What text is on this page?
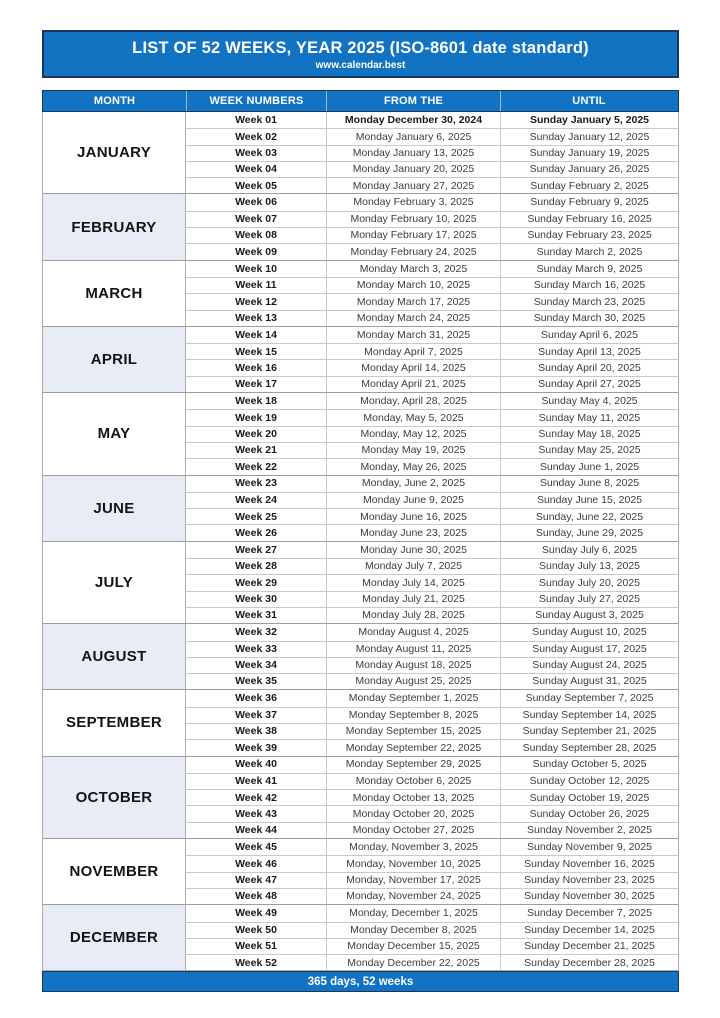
LIST OF 52 WEEKS, YEAR 2025 (ISO-8601 date standard)
www.calendar.best
MONTH	WEEK NUMBERS	FROM THE	UNTIL
JANUARY
Week 01	Monday December 30, 2024	Sunday January 5, 2025
Week 02	Monday January 6, 2025	Sunday January 12, 2025
Week 03	Monday January 13, 2025	Sunday January 19, 2025
Week 04	Monday January 20, 2025	Sunday January 26, 2025
Week 05	Monday January 27, 2025	Sunday February 2, 2025
FEBRUARY
Week 06	Monday February 3, 2025	Sunday February 9, 2025
Week 07	Monday February 10, 2025	Sunday February 16, 2025
Week 08	Monday February 17, 2025	Sunday February 23, 2025
Week 09	Monday February 24, 2025	Sunday March 2, 2025
MARCH
Week 10	Monday March 3, 2025	Sunday March 9, 2025
Week 11	Monday March 10, 2025	Sunday March 16, 2025
Week 12	Monday March 17, 2025	Sunday March 23, 2025
Week 13	Monday March 24, 2025	Sunday March 30, 2025
APRIL
Week 14	Monday March 31, 2025	Sunday April 6, 2025
Week 15	Monday April 7, 2025	Sunday April 13, 2025
Week 16	Monday April 14, 2025	Sunday April 20, 2025
Week 17	Monday April 21, 2025	Sunday April 27, 2025
MAY
Week 18	Monday, April 28, 2025	Sunday May 4, 2025
Week 19	Monday, May 5, 2025	Sunday May 11, 2025
Week 20	Monday, May 12, 2025	Sunday May 18, 2025
Week 21	Monday May 19, 2025	Sunday May 25, 2025
Week 22	Monday, May 26, 2025	Sunday June 1, 2025
JUNE
Week 23	Monday, June 2, 2025	Sunday June 8, 2025
Week 24	Monday June 9, 2025	Sunday June 15, 2025
Week 25	Monday June 16, 2025	Sunday, June 22, 2025
Week 26	Monday June 23, 2025	Sunday, June 29, 2025
JULY
Week 27	Monday June 30, 2025	Sunday July 6, 2025
Week 28	Monday July 7, 2025	Sunday July 13, 2025
Week 29	Monday July 14, 2025	Sunday July 20, 2025
Week 30	Monday July 21, 2025	Sunday July 27, 2025
Week 31	Monday July 28, 2025	Sunday August 3, 2025
AUGUST
Week 32	Monday August 4, 2025	Sunday August 10, 2025
Week 33	Monday August 11, 2025	Sunday August 17, 2025
Week 34	Monday August 18, 2025	Sunday August 24, 2025
Week 35	Monday August 25, 2025	Sunday August 31, 2025
SEPTEMBER
Week 36	Monday September 1, 2025	Sunday September 7, 2025
Week 37	Monday September 8, 2025	Sunday September 14, 2025
Week 38	Monday September 15, 2025	Sunday September 21, 2025
Week 39	Monday September 22, 2025	Sunday September 28, 2025
OCTOBER
Week 40	Monday September 29, 2025	Sunday October 5, 2025
Week 41	Monday October 6, 2025	Sunday October 12, 2025
Week 42	Monday October 13, 2025	Sunday October 19, 2025
Week 43	Monday October 20, 2025	Sunday October 26, 2025
Week 44	Monday October 27, 2025	Sunday November 2, 2025
NOVEMBER
Week 45	Monday, November 3, 2025	Sunday November 9, 2025
Week 46	Monday, November 10, 2025	Sunday November 16, 2025
Week 47	Monday, November 17, 2025	Sunday November 23, 2025
Week 48	Monday, November 24, 2025	Sunday November 30, 2025
DECEMBER
Week 49	Monday, December 1, 2025	Sunday December 7, 2025
Week 50	Monday December 8, 2025	Sunday December 14, 2025
Week 51	Monday December 15, 2025	Sunday December 21, 2025
Week 52	Monday December 22, 2025	Sunday December 28, 2025
365 days, 52 weeks
